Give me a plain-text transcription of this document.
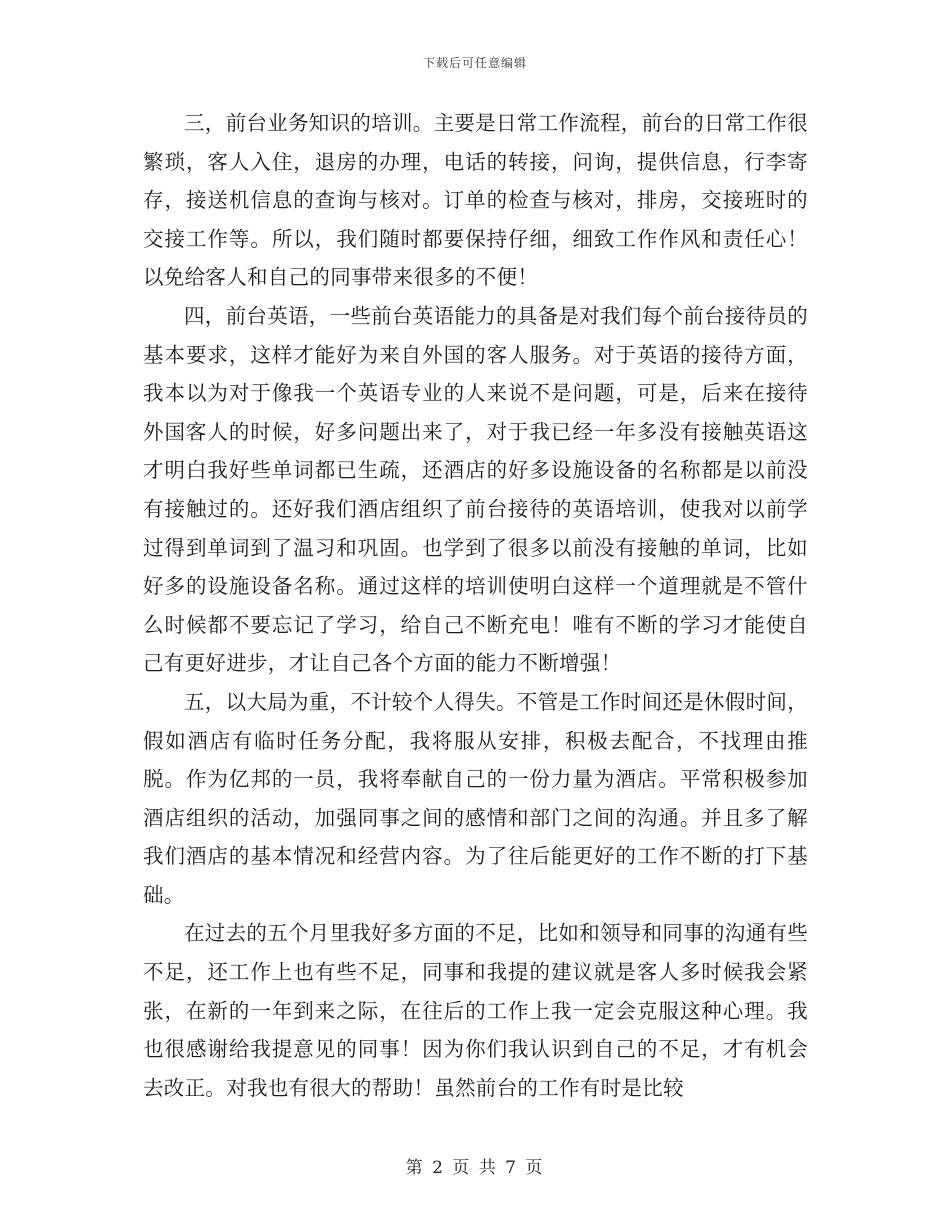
下载后可任意编辑

三，前台业务知识的培训。主要是日常工作流程，前台的日常工作很繁琐，客人入住，退房的办理，电话的转接，问询，提供信息，行李寄存，接送机信息的查询与核对。订单的检查与核对，排房，交接班时的交接工作等。所以，我们随时都要保持仔细，细致工作作风和责任心！以免给客人和自己的同事带来很多的不便！

四，前台英语，一些前台英语能力的具备是对我们每个前台接待员的基本要求，这样才能好为来自外国的客人服务。对于英语的接待方面，我本以为对于像我一个英语专业的人来说不是问题，可是，后来在接待外国客人的时候，好多问题出来了，对于我已经一年多没有接触英语这才明白我好些单词都已生疏，还酒店的好多设施设备的名称都是以前没有接触过的。还好我们酒店组织了前台接待的英语培训，使我对以前学过得到单词到了温习和巩固。也学到了很多以前没有接触的单词，比如好多的设施设备名称。通过这样的培训使明白这样一个道理就是不管什么时候都不要忘记了学习，给自己不断充电！唯有不断的学习才能使自己有更好进步，才让自己各个方面的能力不断增强！

五，以大局为重，不计较个人得失。不管是工作时间还是休假时间，假如酒店有临时任务分配，我将服从安排，积极去配合，不找理由推脱。作为亿邦的一员，我将奉献自己的一份力量为酒店。平常积极参加酒店组织的活动，加强同事之间的感情和部门之间的沟通。并且多了解我们酒店的基本情况和经营内容。为了往后能更好的工作不断的打下基础。

在过去的五个月里我好多方面的不足，比如和领导和同事的沟通有些不足，还工作上也有些不足，同事和我提的建议就是客人多时候我会紧张，在新的一年到来之际，在往后的工作上我一定会克服这种心理。我也很感谢给我提意见的同事！因为你们我认识到自己的不足，才有机会去改正。对我也有很大的帮助！虽然前台的工作有时是比较

第 2 页 共 7 页
